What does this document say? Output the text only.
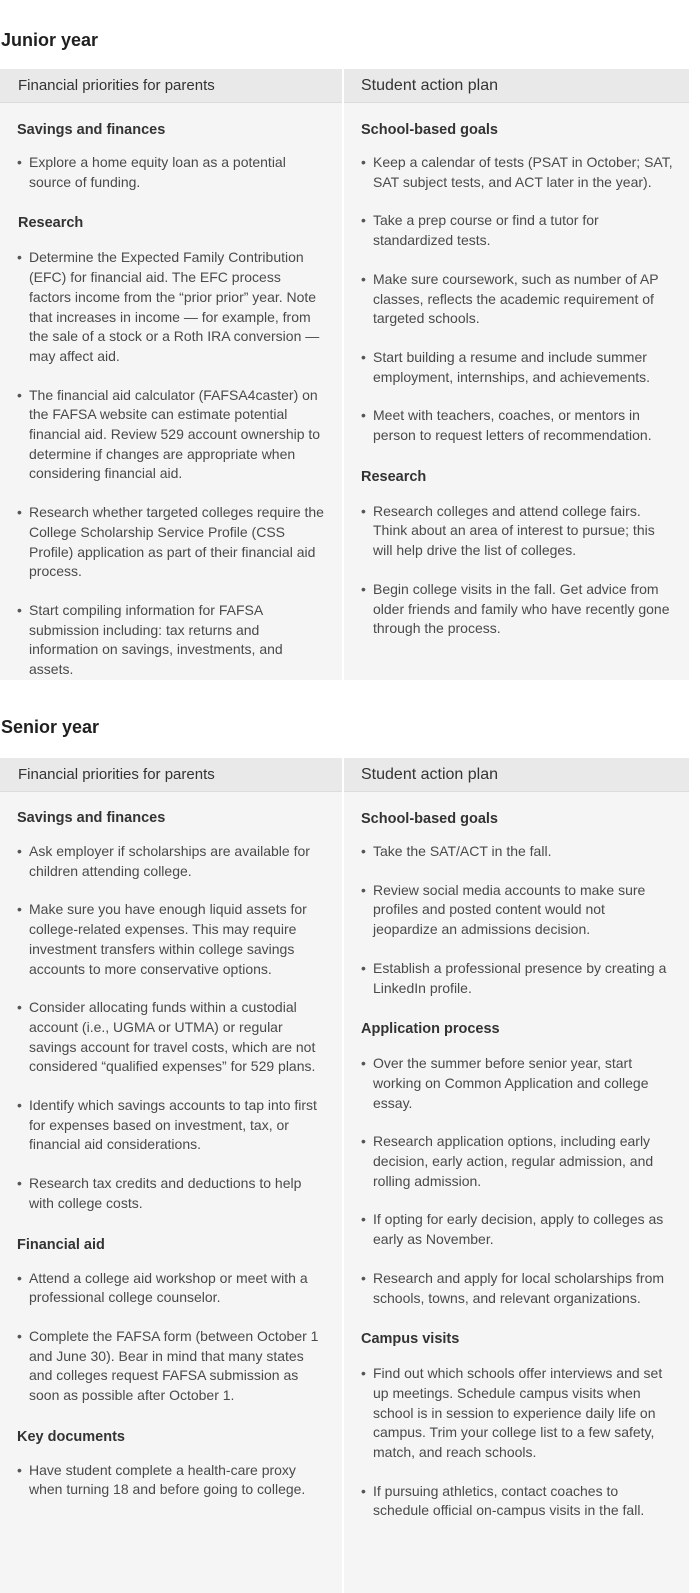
Junior year
Financial priorities for parents
Savings and finances
• Explore a home equity loan as a potential source of funding.
Research
• Determine the Expected Family Contribution (EFC) for financial aid. The EFC process factors income from the “prior prior” year. Note that increases in income — for example, from the sale of a stock or a Roth IRA conversion — may affect aid.
• The financial aid calculator (FAFSA4caster) on the FAFSA website can estimate potential financial aid. Review 529 account ownership to determine if changes are appropriate when considering financial aid.
• Research whether targeted colleges require the College Scholarship Service Profile (CSS Profile) application as part of their financial aid process.
• Start compiling information for FAFSA submission including: tax returns and information on savings, investments, and assets.
Student action plan
School-based goals
• Keep a calendar of tests (PSAT in October; SAT, SAT subject tests, and ACT later in the year).
• Take a prep course or find a tutor for standardized tests.
• Make sure coursework, such as number of AP classes, reflects the academic requirement of targeted schools.
• Start building a resume and include summer employment, internships, and achievements.
• Meet with teachers, coaches, or mentors in person to request letters of recommendation.
Research
• Research colleges and attend college fairs. Think about an area of interest to pursue; this will help drive the list of colleges.
• Begin college visits in the fall. Get advice from older friends and family who have recently gone through the process.
Senior year
Financial priorities for parents
Savings and finances
• Ask employer if scholarships are available for children attending college.
• Make sure you have enough liquid assets for college-related expenses. This may require investment transfers within college savings accounts to more conservative options.
• Consider allocating funds within a custodial account (i.e., UGMA or UTMA) or regular savings account for travel costs, which are not considered “qualified expenses” for 529 plans.
• Identify which savings accounts to tap into first for expenses based on investment, tax, or financial aid considerations.
• Research tax credits and deductions to help with college costs.
Financial aid
• Attend a college aid workshop or meet with a professional college counselor.
• Complete the FAFSA form (between October 1 and June 30). Bear in mind that many states and colleges request FAFSA submission as soon as possible after October 1.
Key documents
• Have student complete a health-care proxy when turning 18 and before going to college.
Student action plan
School-based goals
• Take the SAT/ACT in the fall.
• Review social media accounts to make sure profiles and posted content would not jeopardize an admissions decision.
• Establish a professional presence by creating a LinkedIn profile.
Application process
• Over the summer before senior year, start working on Common Application and college essay.
• Research application options, including early decision, early action, regular admission, and rolling admission.
• If opting for early decision, apply to colleges as early as November.
• Research and apply for local scholarships from schools, towns, and relevant organizations.
Campus visits
• Find out which schools offer interviews and set up meetings. Schedule campus visits when school is in session to experience daily life on campus. Trim your college list to a few safety, match, and reach schools.
• If pursuing athletics, contact coaches to schedule official on-campus visits in the fall.
